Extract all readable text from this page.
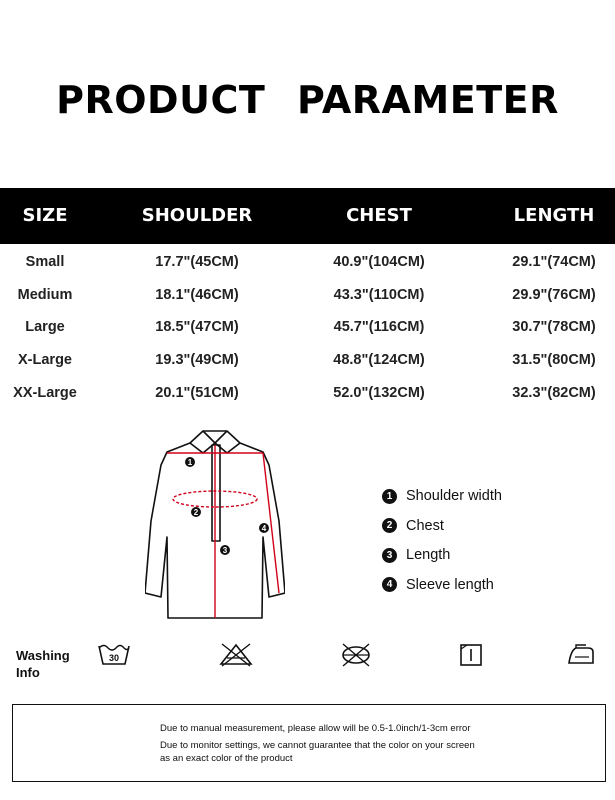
PRODUCT PARAMETER
SIZE	SHOULDER	CHEST	LENGTH
Small	17.7"(45CM)	40.9"(104CM)	29.1"(74CM)
Medium	18.1"(46CM)	43.3"(110CM)	29.9"(76CM)
Large	18.5"(47CM)	45.7"(116CM)	30.7"(78CM)
X-Large	19.3"(49CM)	48.8"(124CM)	31.5"(80CM)
XX-Large	20.1"(51CM)	52.0"(132CM)	32.3"(82CM)
1
2
3
4
1 Shoulder width
2 Chest
3 Length
4 Sleeve length
Washing
Info
30
Due to manual measurement, please allow will be 0.5-1.0inch/1-3cm error
Due to monitor settings, we cannot guarantee that the color on your screen
as an exact color of the product
